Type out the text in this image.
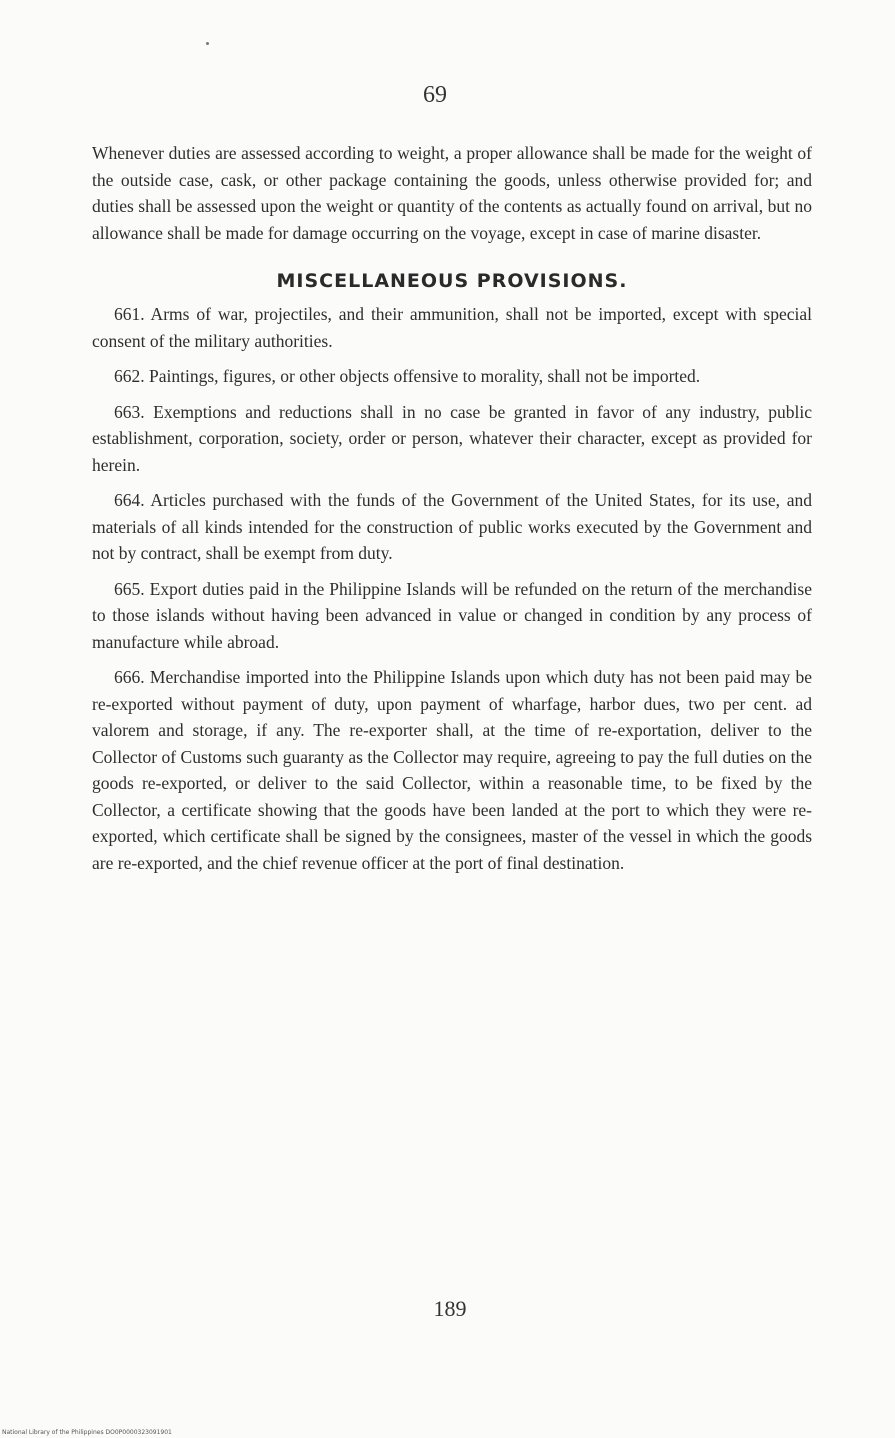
69

Whenever duties are assessed according to weight, a proper allowance shall be made for the weight of the outside case, cask, or other package containing the goods, unless otherwise provided for; and duties shall be assessed upon the weight or quantity of the contents as actually found on arrival, but no allowance shall be made for damage occurring on the voyage, except in case of marine disaster.

MISCELLANEOUS PROVISIONS.

661. Arms of war, projectiles, and their ammunition, shall not be imported, except with special consent of the military authorities.

662. Paintings, figures, or other objects offensive to morality, shall not be imported.

663. Exemptions and reductions shall in no case be granted in favor of any industry, public establishment, corporation, society, order or person, whatever their character, except as provided for herein.

664. Articles purchased with the funds of the Government of the United States, for its use, and materials of all kinds intended for the construction of public works executed by the Government and not by contract, shall be exempt from duty.

665. Export duties paid in the Philippine Islands will be refunded on the return of the merchandise to those islands without having been advanced in value or changed in condition by any process of manufacture while abroad.

666. Merchandise imported into the Philippine Islands upon which duty has not been paid may be re-exported without payment of duty, upon payment of wharfage, harbor dues, two per cent. ad valorem and storage, if any. The re-exporter shall, at the time of re-exportation, deliver to the Collector of Customs such guaranty as the Collector may require, agreeing to pay the full duties on the goods re-exported, or deliver to the said Collector, within a reasonable time, to be fixed by the Collector, a certificate showing that the goods have been landed at the port to which they were re-exported, which certificate shall be signed by the consignees, master of the vessel in which the goods are re-exported, and the chief revenue officer at the port of final destination.

189
National Library of the Philippines DO0P0000323091901
